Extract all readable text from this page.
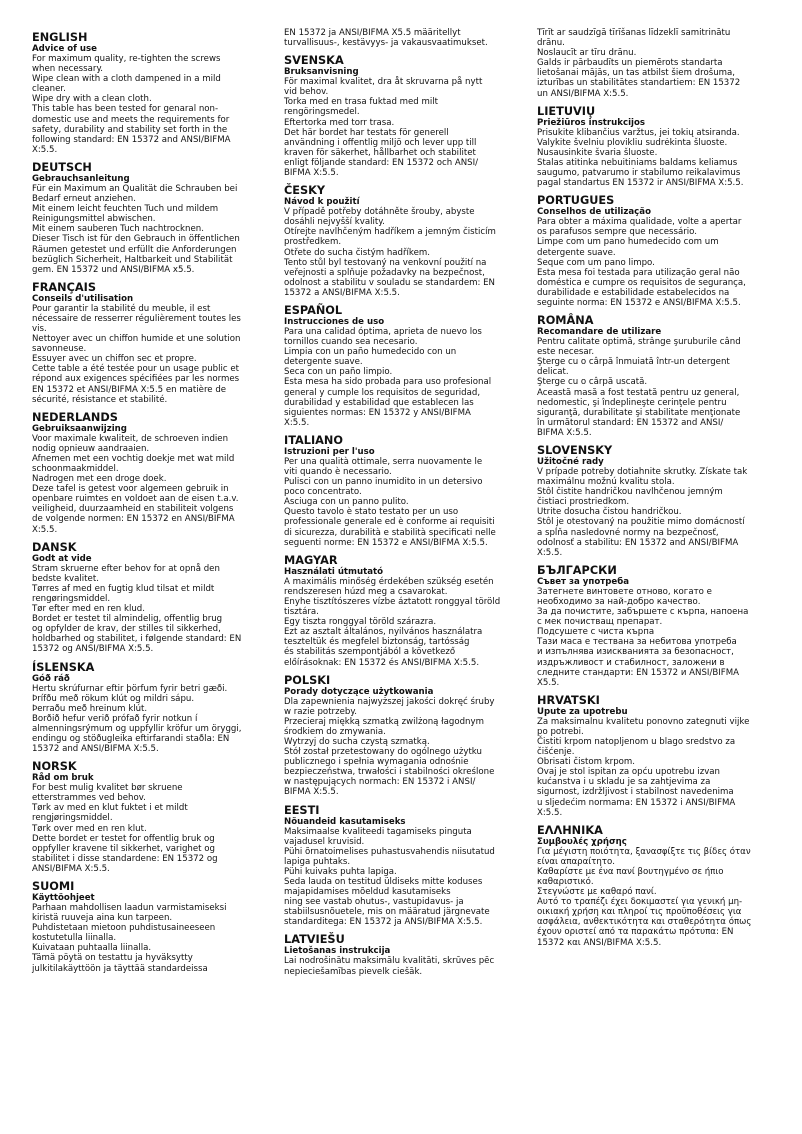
ENGLISH
Advice of use
For maximum quality, re-tighten the screws
when necessary.
Wipe clean with a cloth dampened in a mild
cleaner.
Wipe dry with a clean cloth.
This table has been tested for genaral non-
domestic use and meets the requirements for
safety, durability and stability set forth in the
following standard: EN 15372 and ANSI/BIFMA
X:5.5.
DEUTSCH
Gebrauchsanleitung
Für ein Maximum an Qualität die Schrauben bei
Bedarf erneut anziehen.
Mit einem leicht feuchten Tuch und mildem
Reinigungsmittel abwischen.
Mit einem sauberen Tuch nachtrocknen.
Dieser Tisch ist für den Gebrauch in öffentlichen
Räumen getestet und erfüllt die Anforderungen
bezüglich Sicherheit, Haltbarkeit und Stabilität
gem. EN 15372 und ANSI/BIFMA x5.5.
FRANÇAIS
Conseils d'utilisation
Pour garantir la stabilité du meuble, il est
nécessaire de resserrer régulièrement toutes les
vis.
Nettoyer avec un chiffon humide et une solution
savonneuse.
Essuyer avec un chiffon sec et propre.
Cette table a été testée pour un usage public et
répond aux exigences spécifiées par les normes
EN 15372 et ANSI/BIFMA X:5.5 en matière de
sécurité, résistance et stabilité.
NEDERLANDS
Gebruiksaanwijzing
Voor maximale kwaliteit, de schroeven indien
nodig opnieuw aandraaien.
Afnemen met een vochtig doekje met wat mild
schoonmaakmiddel.
Nadrogen met een droge doek.
Deze tafel is getest voor algemeen gebruik in
openbare ruimtes en voldoet aan de eisen t.a.v.
veiligheid, duurzaamheid en stabiliteit volgens
de volgende normen: EN 15372 en ANSI/BIFMA
X:5.5.
DANSK
Godt at vide
Stram skruerne efter behov for at opnå den
bedste kvalitet.
Tørres af med en fugtig klud tilsat et mildt
rengøringsmiddel.
Tør efter med en ren klud.
Bordet er testet til almindelig, offentlig brug
og opfylder de krav, der stilles til sikkerhed,
holdbarhed og stabilitet, i følgende standard: EN
15372 og ANSI/BIFMA X:5.5.
ÍSLENSKA
Góð ráð
Hertu skrúfurnar eftir þörfum fyrir betri gæði.
Þrífðu með rökum klút og mildri sápu.
Þerraðu með hreinum klút.
Borðið hefur verið prófað fyrir notkun í
almenningsrýmum og uppfyllir kröfur um öryggi,
endingu og stöðugleika eftirfarandi staðla: EN
15372 and ANSI/BIFMA X:5.5.
NORSK
Råd om bruk
For best mulig kvalitet bør skruene
etterstrammes ved behov.
Tørk av med en klut fuktet i et mildt
rengjøringsmiddel.
Tørk over med en ren klut.
Dette bordet er testet for offentlig bruk og
oppfyller kravene til sikkerhet, varighet og
stabilitet i disse standardene: EN 15372 og
ANSI/BIFMA X:5.5.
SUOMI
Käyttöohjeet
Parhaan mahdollisen laadun varmistamiseksi
kiristä ruuveja aina kun tarpeen.
Puhdistetaan mietoon puhdistusaineeseen
kostutetulla liinalla.
Kuivataan puhtaalla liinalla.
Tämä pöytä on testattu ja hyväksytty
julkitilakäyttöön ja täyttää standardeissa
EN 15372 ja ANSI/BIFMA X5.5 määritellyt
turvallisuus-, kestävyys- ja vakausvaatimukset.
SVENSKA
Bruksanvisning
För maximal kvalitet, dra åt skruvarna på nytt
vid behov.
Torka med en trasa fuktad med milt
rengöringsmedel.
Eftertorka med torr trasa.
Det här bordet har testats för generell
användning i offentlig miljö och lever upp till
kraven för säkerhet, hållbarhet och stabilitet
enligt följande standard: EN 15372 och ANSI/
BIFMA X:5.5.
ČESKY
Návod k použití
V případě potřeby dotáhněte šrouby, abyste
dosáhli nejvyšší kvality.
Otírejte navlhčeným hadříkem a jemným čisticím
prostředkem.
Otřete do sucha čistým hadříkem.
Tento stůl byl testovaný na venkovní použití na
veřejnosti a splňuje požadavky na bezpečnost,
odolnost a stabilitu v souladu se standardem: EN
15372 a ANSI/BIFMA X:5.5.
ESPAÑOL
Instrucciones de uso
Para una calidad óptima, aprieta de nuevo los
tornillos cuando sea necesario.
Limpia con un paño humedecido con un
detergente suave.
Seca con un paño limpio.
Esta mesa ha sido probada para uso profesional
general y cumple los requisitos de seguridad,
durabilidad y estabilidad que establecen las
siguientes normas: EN 15372 y ANSI/BIFMA
X:5.5.
ITALIANO
Istruzioni per l'uso
Per una qualità ottimale, serra nuovamente le
viti quando è necessario.
Pulisci con un panno inumidito in un detersivo
poco concentrato.
Asciuga con un panno pulito.
Questo tavolo è stato testato per un uso
professionale generale ed è conforme ai requisiti
di sicurezza, durabilità e stabilità specificati nelle
seguenti norme: EN 15372 e ANSI/BIFMA X:5.5.
MAGYAR
Használati útmutató
A maximális minőség érdekében szükség esetén
rendszeresen húzd meg a csavarokat.
Enyhe tisztítószeres vízbe áztatott ronggyal töröld
tisztára.
Egy tiszta ronggyal töröld szárazra.
Ezt az asztalt általános, nyilvános használatra
teszteltük és megfelel biztonság, tartósság
és stabilitás szempontjából a következő
előírásoknak: EN 15372 és ANSI/BIFMA X:5.5.
POLSKI
Porady dotyczące użytkowania
Dla zapewnienia najwyższej jakości dokręć śruby
w razie potrzeby.
Przecieraj miękką szmatką zwilżoną łagodnym
środkiem do zmywania.
Wytrzyj do sucha czystą szmatką.
Stół został przetestowany do ogólnego użytku
publicznego i spełnia wymagania odnośnie
bezpieczeństwa, trwałości i stabilności określone
w następujących normach: EN 15372 i ANSI/
BIFMA X:5.5.
EESTI
Nõuandeid kasutamiseks
Maksimaalse kvaliteedi tagamiseks pinguta
vajadusel kruvisid.
Pühi õrnatoimelises puhastusvahendis niisutatud
lapiga puhtaks.
Pühi kuivaks puhta lapiga.
Seda lauda on testitud üldiseks mitte koduses
majapidamises mõeldud kasutamiseks
ning see vastab ohutus-, vastupidavus- ja
stabiilsusnõuetele, mis on määratud järgnevate
standarditega: EN 15372 ja ANSI/BIFMA X:5.5.
LATVIEŠU
Lietošanas instrukcija
Lai nodrošinātu maksimālu kvalitāti, skrūves pēc
nepieciešamības pievelk ciešāk.
Tīrīt ar saudzīgā tīrīšanas līdzeklī samitrinātu
drānu.
Noslaucīt ar tīru drānu.
Galds ir pārbaudīts un piemērots standarta
lietošanai mājās, un tas atbilst šiem drošuma,
izturības un stabilitātes standartiem: EN 15372
un ANSI/BIFMA X:5.5.
LIETUVIŲ
Priežiūros instrukcijos
Prisukite klibančius varžtus, jei tokių atsiranda.
Valykite švelniu plovikliu sudrėkinta šluoste.
Nusausinkite švaria šluoste.
Stalas atitinka nebuitiniams baldams keliamus
saugumo, patvarumo ir stabilumo reikalavimus
pagal standartus EN 15372 ir ANSI/BIFMA X:5.5.
PORTUGUES
Conselhos de utilização
Para obter a máxima qualidade, volte a apertar
os parafusos sempre que necessário.
Limpe com um pano humedecido com um
detergente suave.
Seque com um pano limpo.
Esta mesa foi testada para utilização geral não
doméstica e cumpre os requisitos de segurança,
durabilidade e estabilidade estabelecidos na
seguinte norma: EN 15372 e ANSI/BIFMA X:5.5.
ROMÂNA
Recomandare de utilizare
Pentru calitate optimă, strânge şuruburile când
este necesar.
Şterge cu o cârpă înmuiată într-un detergent
delicat.
Şterge cu o cârpă uscată.
Această masă a fost testată pentru uz general,
nedomestic, şi îndeplineşte cerinţele pentru
siguranţă, durabilitate şi stabilitate menţionate
în următorul standard: EN 15372 and ANSI/
BIFMA X:5.5.
SLOVENSKY
Užitočné rady
V prípade potreby dotiahnite skrutky. Získate tak
maximálnu možnú kvalitu stola.
Stôl čistite handričkou navlhčenou jemným
čistiaci prostriedkom.
Utrite dosucha čistou handričkou.
Stôl je otestovaný na použitie mimo domácností
a spĺňa nasledovné normy na bezpečnosť,
odolnosť a stabilitu: EN 15372 and ANSI/BIFMA
X:5.5.
БЪЛГАРСКИ
Съвет за употреба
Затегнете винтовете отново, когато е
необходимо за най-добро качество.
За да почистите, забършете с кърпа, напоена
с мек почистващ препарат.
Подсушете с чиста кърпа
Тази маса е тествана за небитова употреба
и изпълнява изискванията за безопасност,
издръжливост и стабилност, заложени в
следните стандарти: EN 15372 и ANSI/BIFMA
X5.5.
HRVATSKI
Upute za upotrebu
Za maksimalnu kvalitetu ponovno zategnuti vijke
po potrebi.
Čistiti krpom natopljenom u blago sredstvo za
čišćenje.
Obrisati čistom krpom.
Ovaj je stol ispitan za opću upotrebu izvan
kućanstva i u skladu je sa zahtjevima za
sigurnost, izdržljivost i stabilnost navedenima
u sljedećim normama: EN 15372 i ANSI/BIFMA
X:5.5.
ΕΛΛΗΝΙΚΑ
Συμβουλές χρήσης
Για μέγιστη ποιότητα, ξανασφίξτε τις βίδες όταν
είναι απαραίτητο.
Καθαρίστε με ένα πανί βουτηγμένο σε ήπιο
καθαριστικό.
Στεγνώστε με καθαρό πανί.
Αυτό το τραπέζι έχει δοκιμαστεί για γενική μη-
οικιακή χρήση και πληροί τις προϋποθέσεις για
ασφάλεια, ανθεκτικότητα και σταθερότητα όπως
έχουν οριστεί από τα παρακάτω πρότυπα: EN
15372 και ANSI/BIFMA X:5.5.
